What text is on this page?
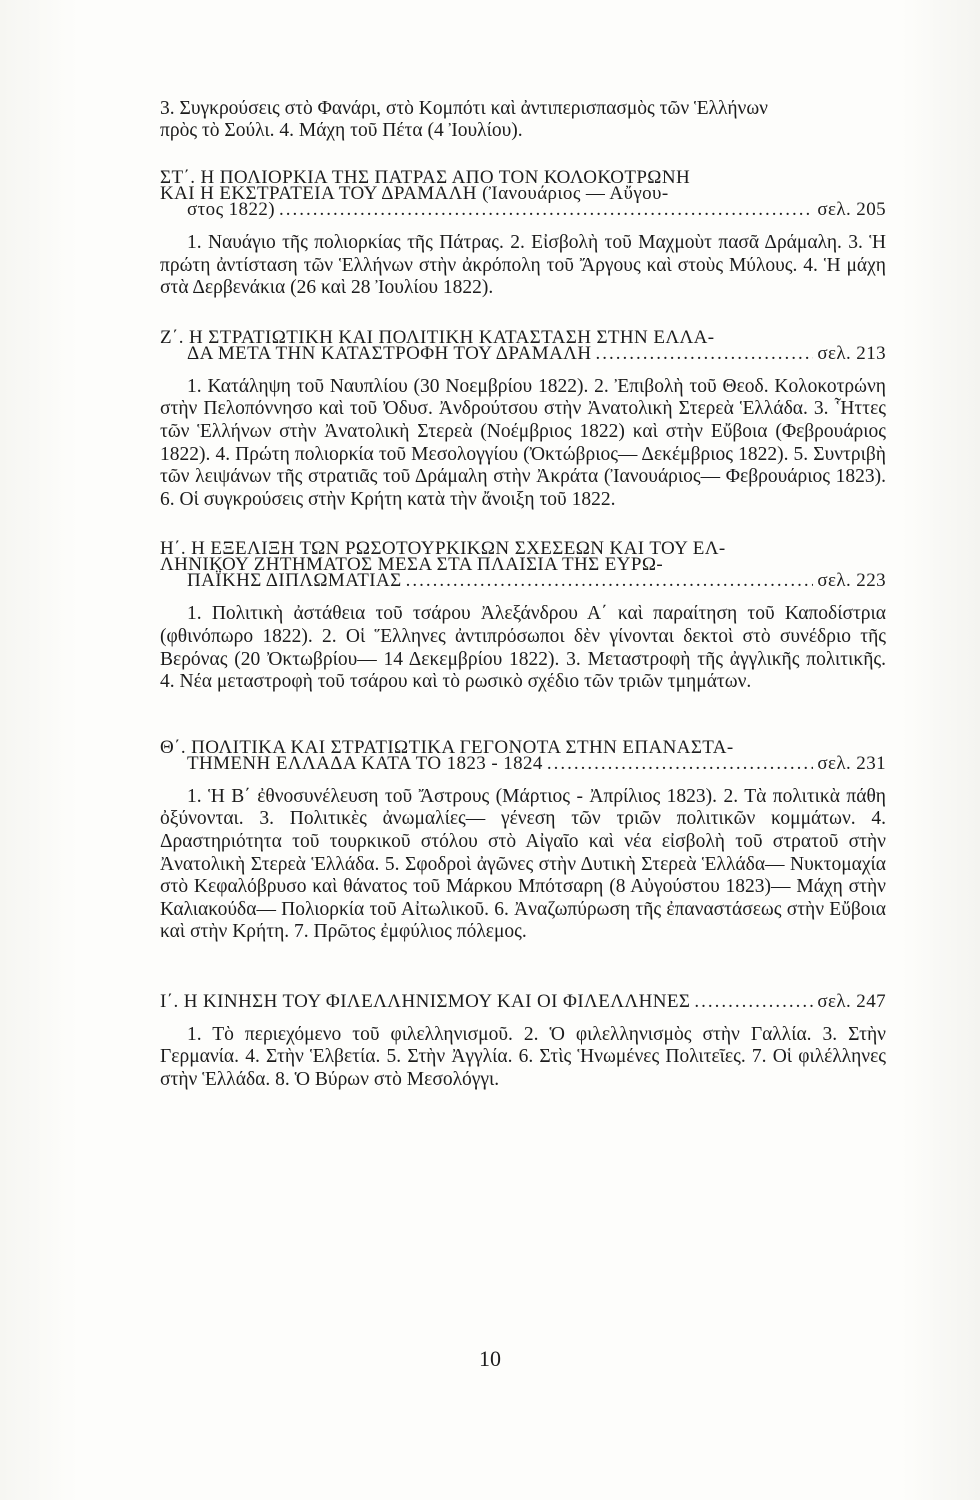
3. Συγκρούσεις στὸ Φανάρι, στὸ Κομπότι καὶ ἀντιπερισπασμὸς τῶν Ἑλλήνων
πρὸς τὸ Σούλι. 4. Μάχη τοῦ Πέτα (4 Ἰουλίου).
ΣΤ΄. Η ΠΟΛΙΟΡΚΙΑ ΤΗΣ ΠΑΤΡΑΣ ΑΠΟ ΤΟΝ ΚΟΛΟΚΟΤΡΩΝΗ
ΚΑΙ Η ΕΚΣΤΡΑΤΕΙΑ ΤΟΥ ΔΡΑΜΑΛΗ (Ἰανουάριος — Αὔγου-
στος 1822) .....	σελ. 205
1. Ναυάγιο τῆς πολιορκίας τῆς Πάτρας. 2. Εἰσβολὴ τοῦ Μαχμοὺτ πασᾶ Δράμαλη. 3. Ἡ πρώτη ἀντίσταση τῶν Ἑλλήνων στὴν ἀκρόπολη τοῦ Ἄργους καὶ στοὺς Μύλους. 4. Ἡ μάχη στὰ Δερβενάκια (26 καὶ 28 Ἰουλίου 1822).
Ζ΄. Η ΣΤΡΑΤΙΩΤΙΚΗ ΚΑΙ ΠΟΛΙΤΙΚΗ ΚΑΤΑΣΤΑΣΗ ΣΤΗΝ ΕΛΛΑ-
ΔΑ ΜΕΤΑ ΤΗΝ ΚΑΤΑΣΤΡΟΦΗ ΤΟΥ ΔΡΑΜΑΛΗ .....	σελ. 213
1. Κατάληψη τοῦ Ναυπλίου (30 Νοεμβρίου 1822). 2. Ἐπιβολὴ τοῦ Θεοδ. Κολοκοτρώνη στὴν Πελοπόννησο καὶ τοῦ Ὀδυσ. Ἀνδρούτσου στὴν Ἀνατολικὴ Στερεὰ Ἑλλάδα. 3. Ἧττες τῶν Ἑλλήνων στὴν Ἀνατολικὴ Στερεὰ (Νοέμβριος 1822) καὶ στὴν Εὔβοια (Φεβρουάριος 1822). 4. Πρώτη πολιορκία τοῦ Μεσολογγίου (Ὀκτώβριος— Δεκέμβριος 1822). 5. Συντριβὴ τῶν λειψάνων τῆς στρατιᾶς τοῦ Δράμαλη στὴν Ἀκράτα (Ἰανουάριος— Φεβρουάριος 1823). 6. Οἱ συγκρούσεις στὴν Κρήτη κατὰ τὴν ἄνοιξη τοῦ 1822.
Η΄. Η ΕΞΕΛΙΞΗ ΤΩΝ ΡΩΣΟΤΟΥΡΚΙΚΩΝ ΣΧΕΣΕΩΝ ΚΑΙ ΤΟΥ ΕΛ-
ΛΗΝΙΚΟΥ ΖΗΤΗΜΑΤΟΣ ΜΕΣΑ ΣΤΑ ΠΛΑΙΣΙΑ ΤΗΣ ΕΥΡΩ-
ΠΑΪΚΗΣ ΔΙΠΛΩΜΑΤΙΑΣ .....	σελ. 223
1. Πολιτικὴ ἀστάθεια τοῦ τσάρου Ἀλεξάνδρου Α΄ καὶ παραίτηση τοῦ Καποδίστρια (φθινόπωρο 1822). 2. Οἱ Ἕλληνες ἀντιπρόσωποι δὲν γίνονται δεκτοὶ στὸ συνέδριο τῆς Βερόνας (20 Ὀκτωβρίου— 14 Δεκεμβρίου 1822). 3. Μεταστροφὴ τῆς ἀγγλικῆς πολιτικῆς. 4. Νέα μεταστροφὴ τοῦ τσάρου καὶ τὸ ρωσικὸ σχέδιο τῶν τριῶν τμημάτων.
Θ΄. ΠΟΛΙΤΙΚΑ ΚΑΙ ΣΤΡΑΤΙΩΤΙΚΑ ΓΕΓΟΝΟΤΑ ΣΤΗΝ ΕΠΑΝΑΣΤΑ-
ΤΗΜΕΝΗ ΕΛΛΑΔΑ ΚΑΤΑ ΤΟ 1823 - 1824 .....	σελ. 231
1. Ἡ Β΄ ἐθνοσυνέλευση τοῦ Ἄστρους (Μάρτιος - Ἀπρίλιος 1823). 2. Τὰ πολιτικὰ πάθη ὀξύνονται. 3. Πολιτικὲς ἀνωμαλίες— γένεση τῶν τριῶν πολιτικῶν κομμάτων. 4. Δραστηριότητα τοῦ τουρκικοῦ στόλου στὸ Αἰγαῖο καὶ νέα εἰσβολὴ τοῦ στρατοῦ στὴν Ἀνατολικὴ Στερεὰ Ἑλλάδα. 5. Σφοδροὶ ἀγῶνες στὴν Δυτικὴ Στερεὰ Ἑλλάδα— Νυκτομαχία στὸ Κεφαλόβρυσο καὶ θάνατος τοῦ Μάρκου Μπότσαρη (8 Αὐγούστου 1823)— Μάχη στὴν Καλιακούδα— Πολιορκία τοῦ Αἰτωλικοῦ. 6. Ἀναζωπύρωση τῆς ἐπαναστάσεως στὴν Εὔβοια καὶ στὴν Κρήτη. 7. Πρῶτος ἐμφύλιος πόλεμος.
Ι΄. Η ΚΙΝΗΣΗ ΤΟΥ ΦΙΛΕΛΛΗΝΙΣΜΟΥ ΚΑΙ ΟΙ ΦΙΛΕΛΛΗΝΕΣ .....	σελ. 247
1. Τὸ περιεχόμενο τοῦ φιλελληνισμοῦ. 2. Ὁ φιλελληνισμὸς στὴν Γαλλία. 3. Στὴν Γερμανία. 4. Στὴν Ἑλβετία. 5. Στὴν Ἀγγλία. 6. Στὶς Ἡνωμένες Πολιτεῖες. 7. Οἱ φιλέλληνες στὴν Ἑλλάδα. 8. Ὁ Βύρων στὸ Μεσολόγγι.
10
